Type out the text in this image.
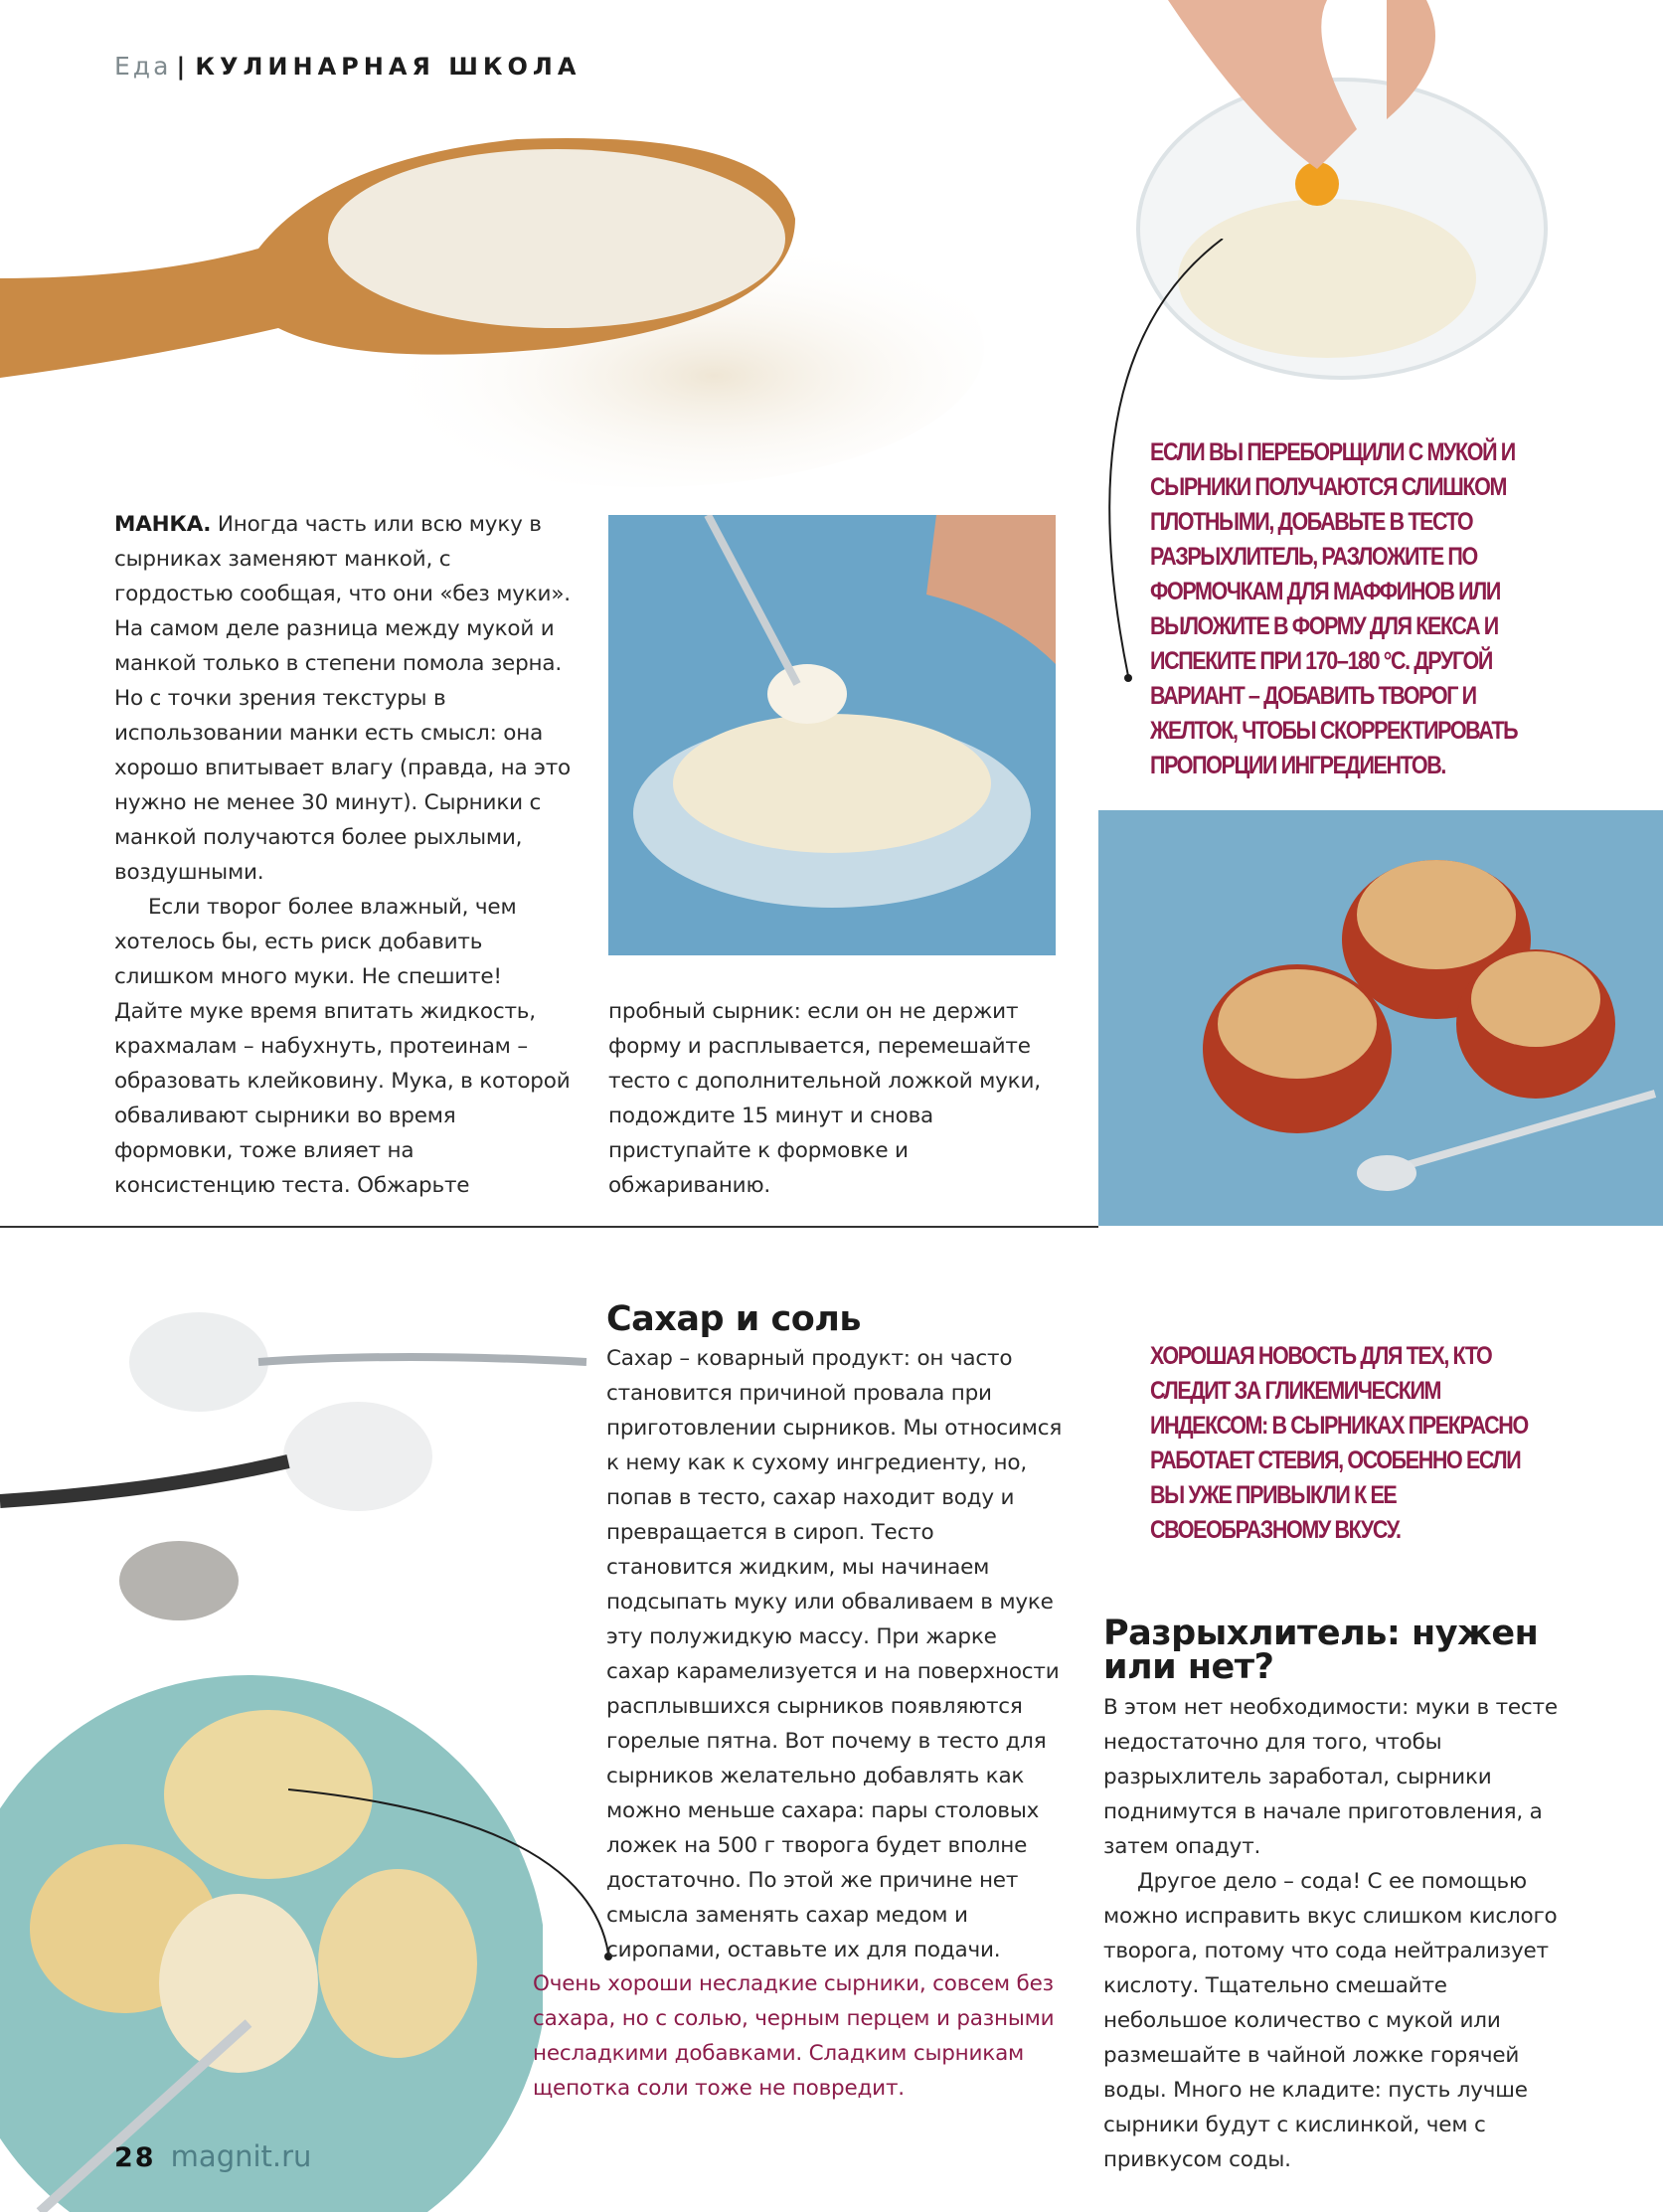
Еда | КУЛИНАРНАЯ ШКОЛА

МАНКА. Иногда часть или всю муку в сырниках заменяют манкой, с гордостью сообщая, что они «без муки». На самом деле разница между мукой и манкой только в степени помола зерна. Но с точки зрения текстуры в использовании манки есть смысл: она хорошо впитывает влагу (правда, на это нужно не менее 30 минут). Сырники с манкой получаются более рыхлыми, воздушными.

Если творог более влажный, чем хотелось бы, есть риск добавить слишком много муки. Не спешите! Дайте муке время впитать жидкость, крахмалам – набухнуть, протеинам – образовать клейковину. Мука, в которой обваливают сырники во время формовки, тоже влияет на консистенцию теста. Обжарьте

пробный сырник: если он не держит форму и расплывается, перемешайте тесто с дополнительной ложкой муки, подождите 15 минут и снова приступайте к формовке и обжариванию.
ЕСЛИ ВЫ ПЕРЕБОРЩИЛИ С МУКОЙ И СЫРНИКИ ПОЛУЧАЮТСЯ СЛИШКОМ ПЛОТНЫМИ, ДОБАВЬТЕ В ТЕСТО РАЗРЫХЛИТЕЛЬ, РАЗЛОЖИТЕ ПО ФОРМОЧКАМ ДЛЯ МАФФИНОВ ИЛИ ВЫЛОЖИТЕ В ФОРМУ ДЛЯ КЕКСА И ИСПЕКИТЕ ПРИ 170–180 °С. ДРУГОЙ ВАРИАНТ – ДОБАВИТЬ ТВОРОГ И ЖЕЛТОК, ЧТОБЫ СКОРРЕКТИРОВАТЬ ПРОПОРЦИИ ИНГРЕДИЕНТОВ.
Сахар и соль
Сахар – коварный продукт: он часто становится причиной провала при приготовлении сырников. Мы относимся к нему как к сухому ингредиенту, но, попав в тесто, сахар находит воду и превращается в сироп. Тесто становится жидким, мы начинаем подсыпать муку или обваливаем в муке эту полужидкую массу. При жарке сахар карамелизуется и на поверхности расплывшихся сырников появляются горелые пятна. Вот почему в тесто для сырников желательно добавлять как можно меньше сахара: пары столовых ложек на 500 г творога будет вполне достаточно. По этой же причине нет смысла заменять сахар медом и сиропами, оставьте их для подачи.
ХОРОШАЯ НОВОСТЬ ДЛЯ ТЕХ, КТО СЛЕДИТ ЗА ГЛИКЕМИЧЕСКИМ ИНДЕКСОМ: В СЫРНИКАХ ПРЕКРАСНО РАБОТАЕТ СТЕВИЯ, ОСОБЕННО ЕСЛИ ВЫ УЖЕ ПРИВЫКЛИ К ЕЕ СВОЕОБРАЗНОМУ ВКУСУ.
Очень хороши несладкие сырники, совсем без сахара, но с солью, черным перцем и разными несладкими добавками. Сладким сырникам щепотка соли тоже не повредит.
Разрыхлитель: нужен или нет?

В этом нет необходимости: муки в тесте недостаточно для того, чтобы разрыхлитель заработал, сырники поднимутся в начале приготовления, а затем опадут.

Другое дело – сода! С ее помощью можно исправить вкус слишком кислого творога, потому что сода нейтрализует кислоту. Тщательно смешайте небольшое количество с мукой или размешайте в чайной ложке горячей воды. Много не кладите: пусть лучше сырники будут с кислинкой, чем с привкусом соды.

28 magnit.ru
